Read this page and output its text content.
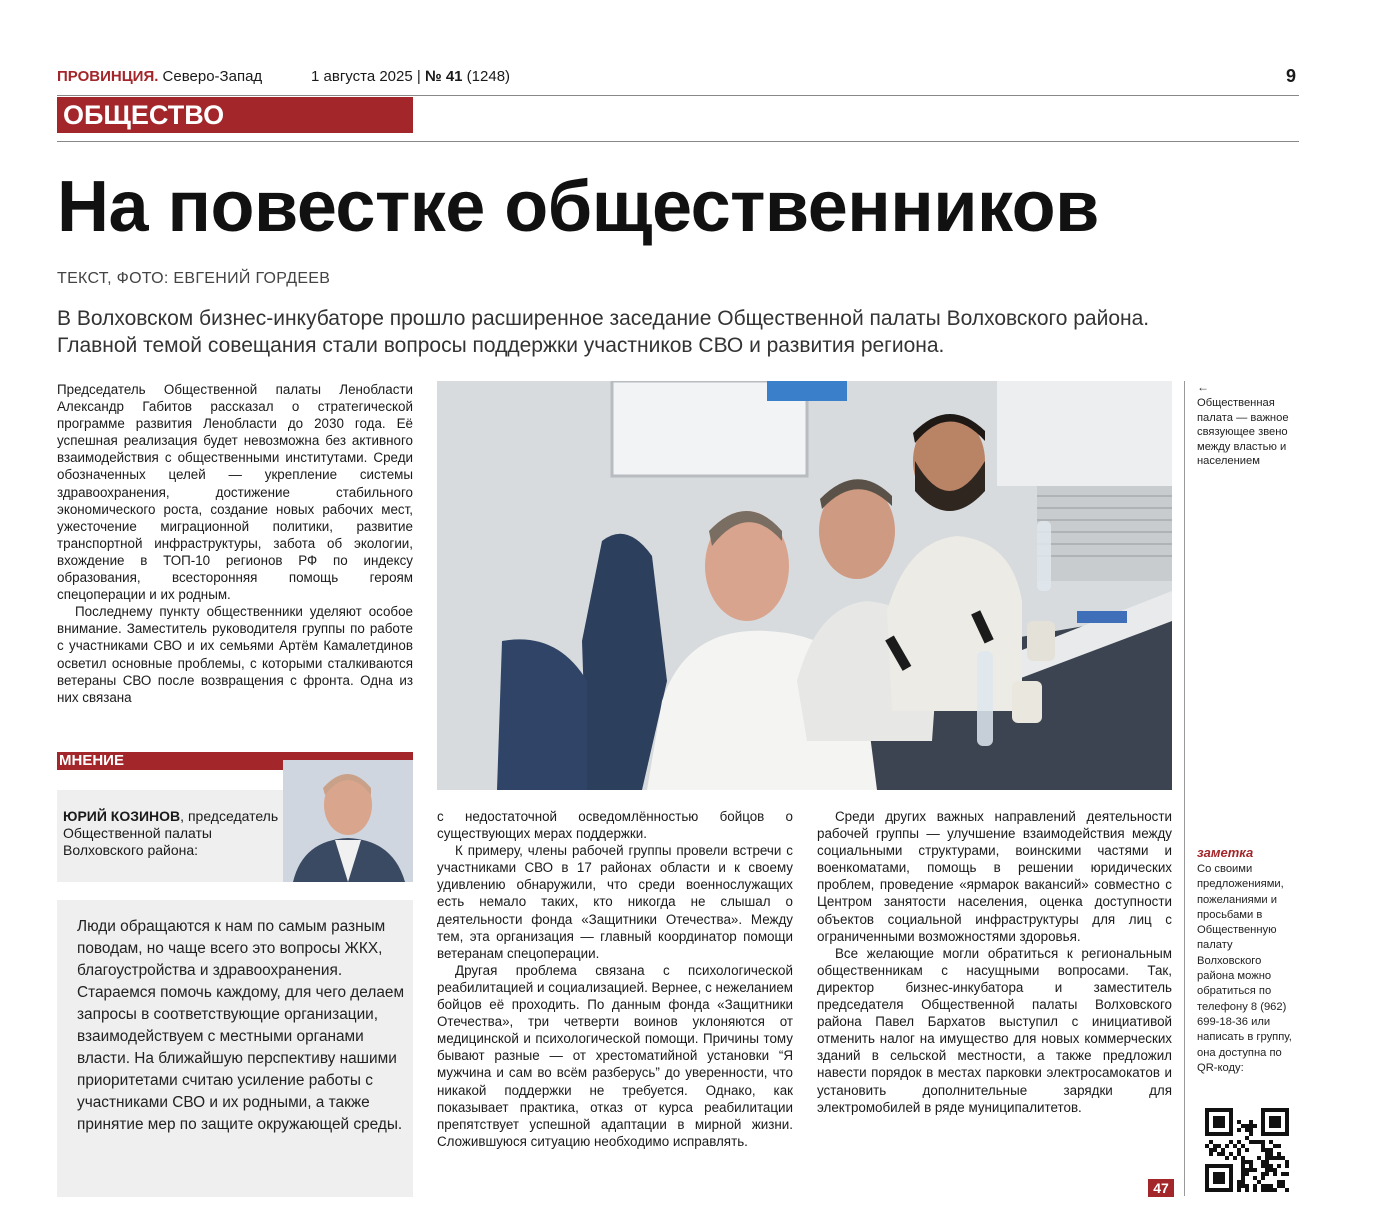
ПРОВИНЦИЯ. Северо-Запад	1 августа 2025 | № 41 (1248)	9
ОБЩЕСТВО
На повестке общественников
ТЕКСТ, ФОТО: ЕВГЕНИЙ ГОРДЕЕВ
В Волховском бизнес-инкубаторе прошло расширенное заседание Общественной палаты Волховского района. Главной темой совещания стали вопросы поддержки участников СВО и развития региона.

Председатель Общественной палаты Ленобласти Александр Габитов рассказал о стратегической программе развития Ленобласти до 2030 года. Её успешная реализация будет невозможна без активного взаимодействия с общественными институтами. Среди обозначенных целей — укрепление системы здравоохранения, достижение стабильного экономического роста, создание новых рабочих мест, ужесточение миграционной политики, развитие транспортной инфраструктуры, забота об экологии, вхождение в ТОП-10 регионов РФ по индексу образования, всесторонняя помощь героям спецоперации и их родным.

Последнему пункту общественники уделяют особое внимание. Заместитель руководителя группы по работе с участниками СВО и их семьями Артём Камалетдинов осветил основные проблемы, с которыми сталкиваются ветераны СВО после возвращения с фронта. Одна из них связана

←
Общественная палата — важное связующее звено между властью и населением
МНЕНИЕ
ЮРИЙ КОЗИНОВ, председатель Общественной палаты Волховского района:
Люди обращаются к нам по самым разным поводам, но чаще всего это вопросы ЖКХ, благоустройства и здравоохранения. Стараемся помочь каждому, для чего делаем запросы в соответствующие организации, взаимодействуем с местными органами власти. На ближайшую перспективу нашими приоритетами считаю усиление работы с участниками СВО и их родными, а также принятие мер по защите окружающей среды.

с недостаточной осведомлённостью бойцов о существующих мерах поддержки.

К примеру, члены рабочей группы провели встречи с участниками СВО в 17 районах области и к своему удивлению обнаружили, что среди военнослужащих есть немало таких, кто никогда не слышал о деятельности фонда «Защитники Отечества». Между тем, эта организация — главный координатор помощи ветеранам спецоперации.

Другая проблема связана с психологической реабилитацией и социализацией. Вернее, с нежеланием бойцов её проходить. По данным фонда «Защитники Отечества», три четверти воинов уклоняются от медицинской и психологической помощи. Причины тому бывают разные — от хрестоматийной установки “Я мужчина и сам во всём разберусь” до уверенности, что никакой поддержки не требуется. Однако, как показывает практика, отказ от курса реабилитации препятствует успешной адаптации в мирной жизни. Сложившуюся ситуацию необходимо исправлять.

Среди других важных направлений деятельности рабочей группы — улучшение взаимодействия между социальными структурами, воинскими частями и военкоматами, помощь в решении юридических проблем, проведение «ярмарок вакансий» совместно с Центром занятости населения, оценка доступности объектов социальной инфраструктуры для лиц с ограниченными возможностями здоровья.

Все желающие могли обратиться к региональным общественникам с насущными вопросами. Так, директор бизнес-инкубатора и заместитель председателя Общественной палаты Волховского района Павел Бархатов выступил с инициативой отменить налог на имущество для новых коммерческих зданий в сельской местности, а также предложил навести порядок в местах парковки электросамокатов и установить дополнительные зарядки для электромобилей в ряде муниципалитетов.

заметка
Со своими предложениями, пожеланиями и просьбами в Общественную палату Волховского района можно обратиться по телефону 8 (962) 699-18-36 или написать в группу, она доступна по QR-коду:
47
